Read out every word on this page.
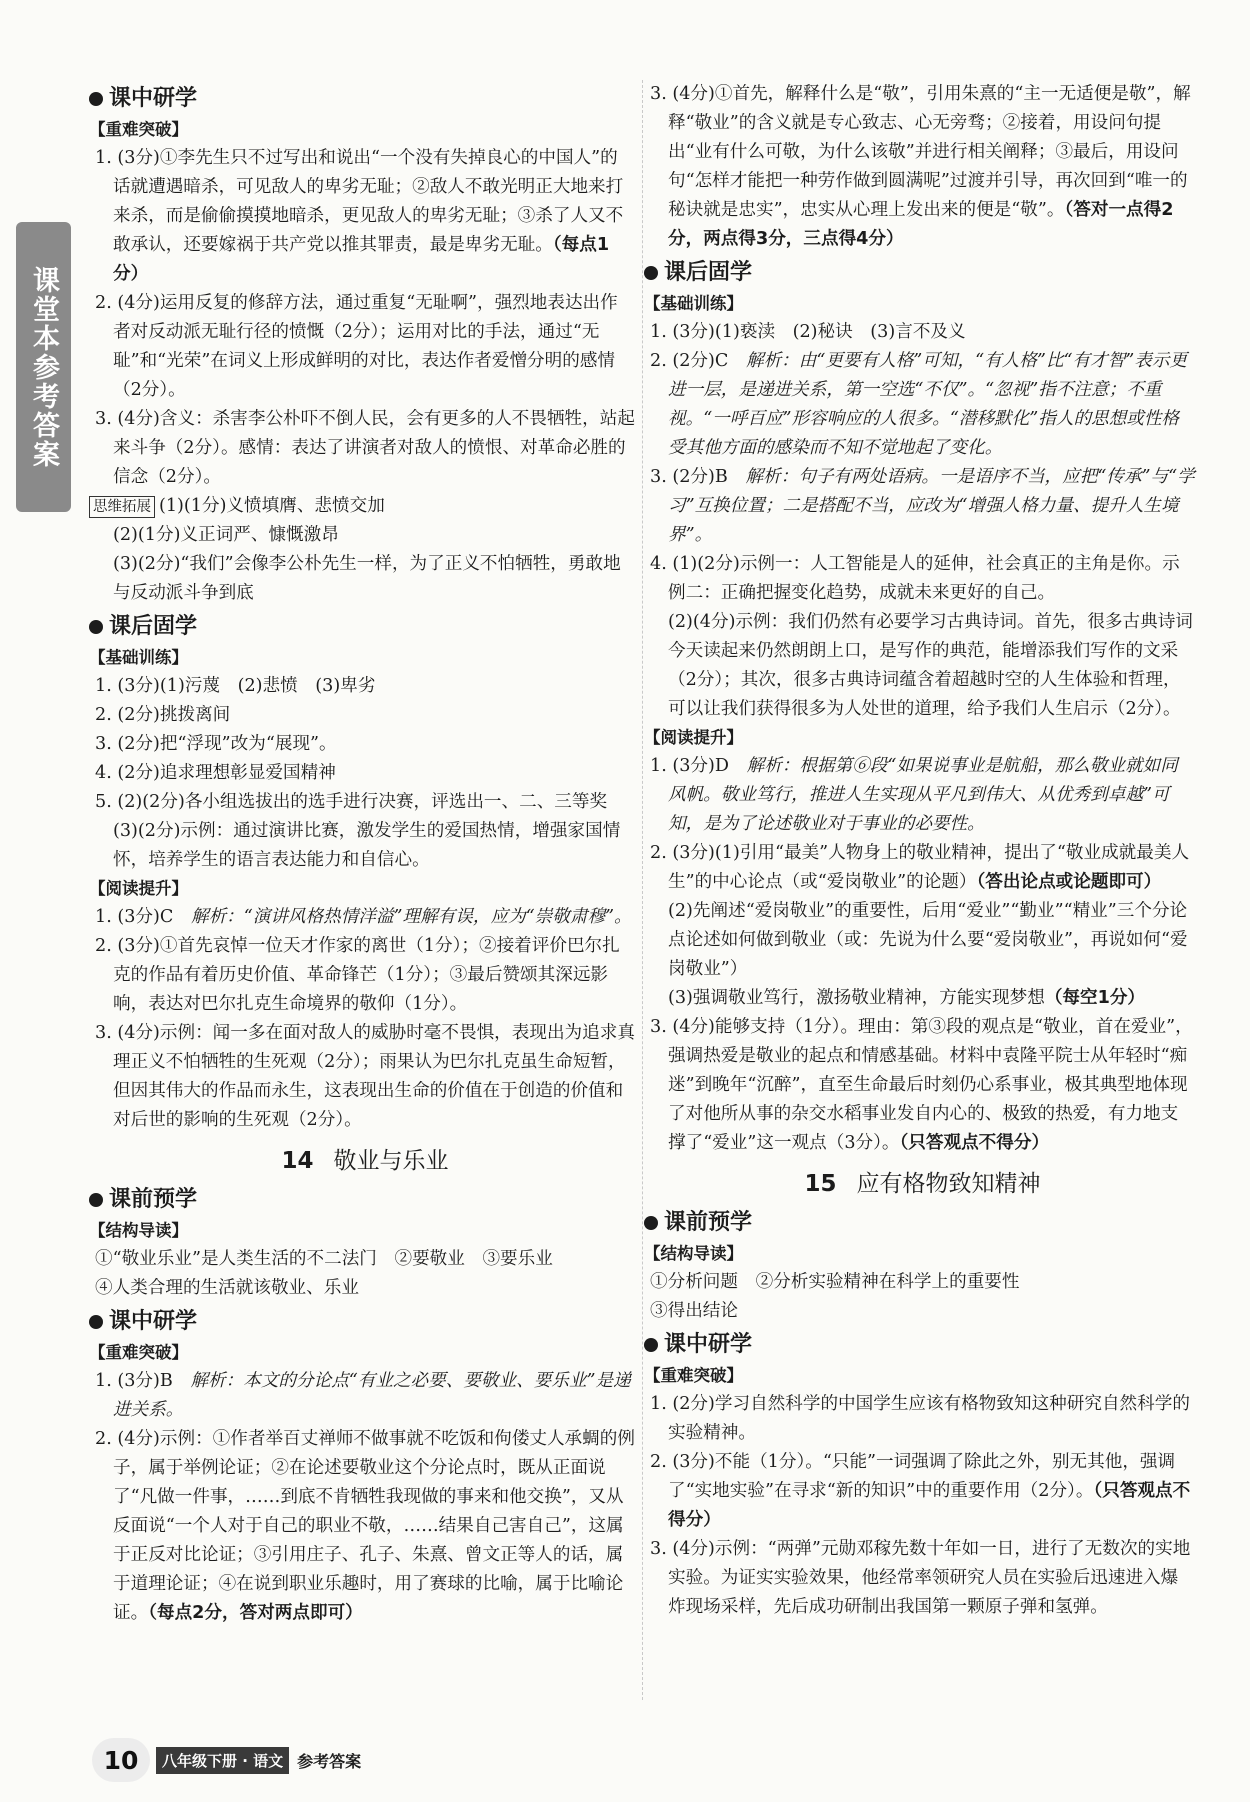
课堂本参考答案
课中研学
【重难突破】

1. (3分)①李先生只不过写出和说出“一个没有失掉良心的中国人”的话就遭遇暗杀，可见敌人的卑劣无耻；②敌人不敢光明正大地来打来杀，而是偷偷摸摸地暗杀，更见敌人的卑劣无耻；③杀了人又不敢承认，还要嫁祸于共产党以推其罪责，最是卑劣无耻。（每点1分）

2. (4分)运用反复的修辞方法，通过重复“无耻啊”，强烈地表达出作者对反动派无耻行径的愤慨（2分）；运用对比的手法，通过“无耻”和“光荣”在词义上形成鲜明的对比，表达作者爱憎分明的感情（2分）。

3. (4分)含义：杀害李公朴吓不倒人民，会有更多的人不畏牺牲，站起来斗争（2分）。感情：表达了讲演者对敌人的愤恨、对革命必胜的信念（2分）。

思维拓展 (1)(1分)义愤填膺、悲愤交加

(2)(1分)义正词严、慷慨激昂

(3)(2分)“我们”会像李公朴先生一样，为了正义不怕牺牲，勇敢地与反动派斗争到底

课后固学
【基础训练】

1. (3分)(1)污蔑　(2)悲愤　(3)卑劣

2. (2分)挑拨离间

3. (2分)把“浮现”改为“展现”。

4. (2分)追求理想彰显爱国精神

5. (2)(2分)各小组选拔出的选手进行决赛，评选出一、二、三等奖

(3)(2分)示例：通过演讲比赛，激发学生的爱国热情，增强家国情怀，培养学生的语言表达能力和自信心。

【阅读提升】

1. (3分)C　 解析：“演讲风格热情洋溢”理解有误，应为“崇敬肃穆”。

2. (3分)①首先哀悼一位天才作家的离世（1分）；②接着评价巴尔扎克的作品有着历史价值、革命锋芒（1分）；③最后赞颂其深远影响，表达对巴尔扎克生命境界的敬仰（1分）。

3. (4分)示例：闻一多在面对敌人的威胁时毫不畏惧，表现出为追求真理正义不怕牺牲的生死观（2分）；雨果认为巴尔扎克虽生命短暂，但因其伟大的作品而永生，这表现出生命的价值在于创造的价值和对后世的影响的生死观（2分）。

14 敬业与乐业
课前预学
【结构导读】

①“敬业乐业”是人类生活的不二法门　②要敬业　③要乐业

④人类合理的生活就该敬业、乐业

课中研学
【重难突破】

1. (3分)B　 解析：本文的分论点“有业之必要、要敬业、要乐业”是递进关系。

2. (4分)示例：①作者举百丈禅师不做事就不吃饭和佝偻丈人承蜩的例子，属于举例论证；②在论述要敬业这个分论点时，既从正面说了“凡做一件事，……到底不肯牺牲我现做的事来和他交换”，又从反面说“一个人对于自己的职业不敬，……结果自己害自己”，这属于正反对比论证；③引用庄子、孔子、朱熹、曾文正等人的话，属于道理论证；④在说到职业乐趣时，用了赛球的比喻，属于比喻论证。（每点2分，答对两点即可）

3. (4分)①首先，解释什么是“敬”，引用朱熹的“主一无适便是敬”，解释“敬业”的含义就是专心致志、心无旁骛；②接着，用设问句提出“业有什么可敬，为什么该敬”并进行相关阐释；③最后，用设问句“怎样才能把一种劳作做到圆满呢”过渡并引导，再次回到“唯一的秘诀就是忠实”，忠实从心理上发出来的便是“敬”。（答对一点得2分，两点得3分，三点得4分）

课后固学
【基础训练】

1. (3分)(1)亵渎　(2)秘诀　(3)言不及义

2. (2分)C　 解析：由“更要有人格”可知，“有人格”比“有才智”表示更进一层，是递进关系，第一空选“不仅”。“忽视”指不注意；不重视。“一呼百应”形容响应的人很多。“潜移默化”指人的思想或性格受其他方面的感染而不知不觉地起了变化。

3. (2分)B　 解析：句子有两处语病。一是语序不当，应把“传承”与“学习”互换位置；二是搭配不当，应改为“增强人格力量、提升人生境界”。

4. (1)(2分)示例一：人工智能是人的延伸，社会真正的主角是你。示例二：正确把握变化趋势，成就未来更好的自己。

(2)(4分)示例：我们仍然有必要学习古典诗词。首先，很多古典诗词今天读起来仍然朗朗上口，是写作的典范，能增添我们写作的文采（2分）；其次，很多古典诗词蕴含着超越时空的人生体验和哲理，可以让我们获得很多为人处世的道理，给予我们人生启示（2分）。

【阅读提升】

1. (3分)D　 解析：根据第⑥段“如果说事业是航船，那么敬业就如同风帆。敬业笃行，推进人生实现从平凡到伟大、从优秀到卓越”可知，是为了论述敬业对于事业的必要性。

2. (3分)(1)引用“最美”人物身上的敬业精神，提出了“敬业成就最美人生”的中心论点（或“爱岗敬业”的论题）（答出论点或论题即可）

(2)先阐述“爱岗敬业”的重要性，后用“爱业”“勤业”“精业”三个分论点论述如何做到敬业（或：先说为什么要“爱岗敬业”，再说如何“爱岗敬业”）

(3)强调敬业笃行，激扬敬业精神，方能实现梦想（每空1分）

3. (4分)能够支持（1分）。理由：第③段的观点是“敬业，首在爱业”，强调热爱是敬业的起点和情感基础。材料中袁隆平院士从年轻时“痴迷”到晚年“沉醉”，直至生命最后时刻仍心系事业，极其典型地体现了对他所从事的杂交水稻事业发自内心的、极致的热爱，有力地支撑了“爱业”这一观点（3分）。（只答观点不得分）

15 应有格物致知精神
课前预学
【结构导读】

①分析问题　②分析实验精神在科学上的重要性

③得出结论

课中研学
【重难突破】

1. (2分)学习自然科学的中国学生应该有格物致知这种研究自然科学的实验精神。

2. (3分)不能（1分）。“只能”一词强调了除此之外，别无其他，强调了“实地实验”在寻求“新的知识”中的重要作用（2分）。（只答观点不得分）

3. (4分)示例：“两弹”元勋邓稼先数十年如一日，进行了无数次的实地实验。为证实实验效果，他经常率领研究人员在实验后迅速进入爆炸现场采样，先后成功研制出我国第一颗原子弹和氢弹。

10	八年级下册 · 语文 参考答案
